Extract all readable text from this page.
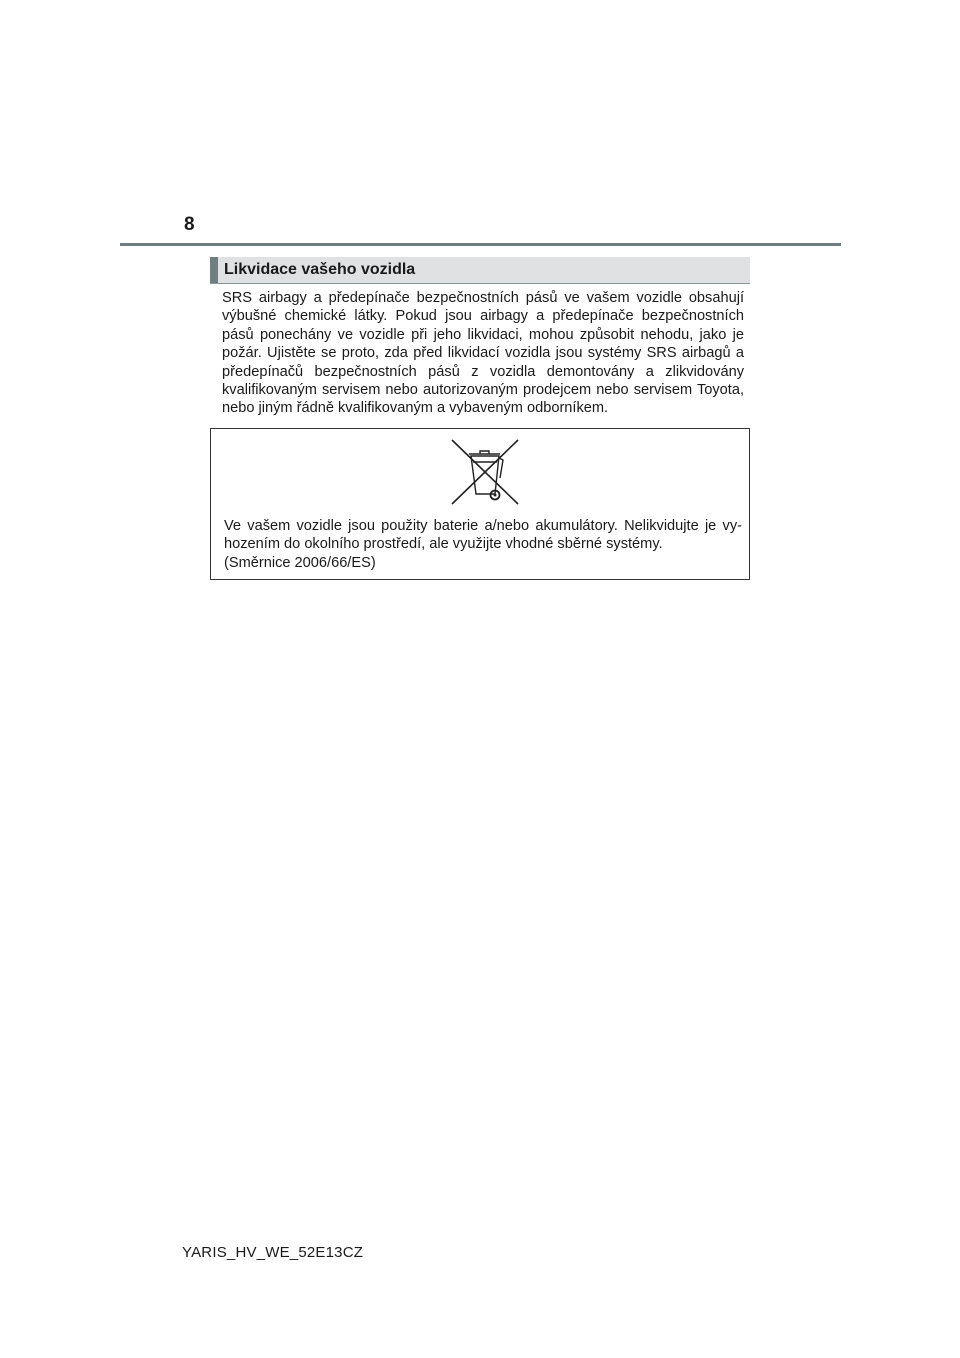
8
Likvidace vašeho vozidla
SRS airbagy a předepínače bezpečnostních pásů ve vašem vozidle obsahují výbušné chemické látky. Pokud jsou airbagy a předepínače bezpečnostních pásů ponechány ve vozidle při jeho likvidaci, mohou způsobit nehodu, jako je požár. Ujistěte se proto, zda před likvidací vozidla jsou systémy SRS airbagů a předepínačů bezpečnostních pásů z vozidla demontovány a zlikvidovány kvalifikovaným servisem nebo autorizovaným prodejcem nebo servisem Toyota, nebo jiným řádně kvalifikovaným a vybaveným odborníkem.
Ve vašem vozidle jsou použity baterie a/nebo akumulátory. Nelikvidujte je vy-
hozením do okolního prostředí, ale využijte vhodné sběrné systémy.
(Směrnice 2006/66/ES)
YARIS_HV_WE_52E13CZ
